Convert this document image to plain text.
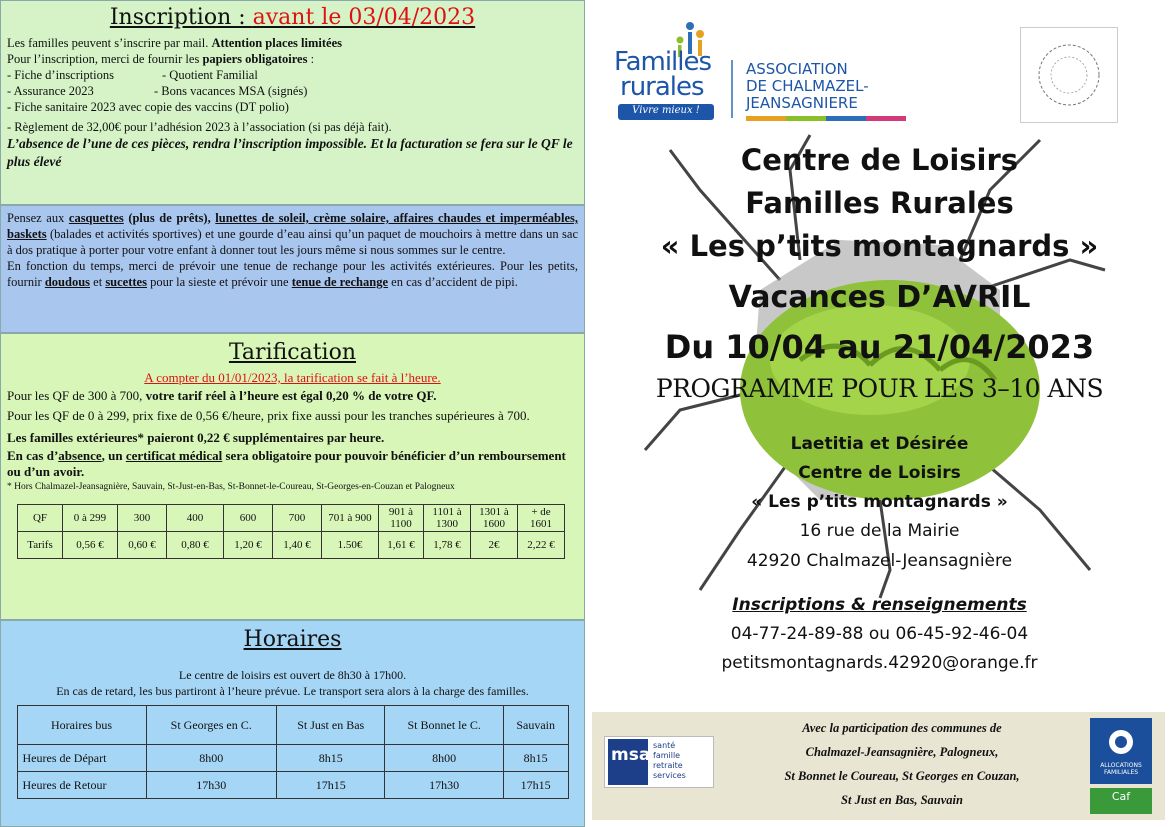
Inscription : avant le 03/04/2023

Les familles peuvent s’inscrire par mail. Attention places limitées

Pour l’inscription, merci de fournir les papiers obligatoires :

- Fiche d’inscriptions	- Quotient Familial

- Assurance 2023	- Bons vacances MSA (signés)

- Fiche sanitaire 2023 avec copie des vaccins (DT polio)

- Règlement de 32,00€ pour l’adhésion 2023 à l’association (si pas déjà fait).

L’absence de l’une de ces pièces, rendra l’inscription impossible. Et la facturation se fera sur le QF le plus élevé

Pensez aux casquettes (plus de prêts), lunettes de soleil, crème solaire, affaires chaudes et imperméables, baskets (balades et activités sportives) et une gourde d’eau ainsi qu’un paquet de mouchoirs à mettre dans un sac à dos pratique à porter pour votre enfant à donner tout les jours même si nous sommes sur le centre.

En fonction du temps, merci de prévoir une tenue de rechange pour les activités extérieures. Pour les petits, fournir doudous et sucettes pour la sieste et prévoir une tenue de rechange en cas d’accident de pipi.

Tarification

A compter du 01/01/2023, la tarification se fait à l’heure.

Pour les QF de 300 à 700, votre tarif réel à l’heure est égal 0,20 % de votre QF.

Pour les QF de 0 à 299, prix fixe de 0,56 €/heure, prix fixe aussi pour les tranches supérieures à 700.

Les familles extérieures* paieront 0,22 € supplémentaires par heure.

En cas d’absence, un certificat médical sera obligatoire pour pouvoir bénéficier d’un remboursement ou d’un avoir.

* Hors Chalmazel-Jeansagnière, Sauvain, St-Just-en-Bas, St-Bonnet-le-Coureau, St-Georges-en-Couzan et Palogneux

QF	0 à 299	300	400	600	700	701 à 900	901 à 1100	1101 à 1300	1301 à 1600	+ de 1601
Tarifs	0,56 €	0,60 €	0,80 €	1,20 €	1,40 €	1.50€	1,61 €	1,78 €	2€	2,22 €

Horaires

Le centre de loisirs est ouvert de 8h30 à 17h00.

En cas de retard, les bus partiront à l’heure prévue. Le transport sera alors à la charge des familles.

Horaires bus	St Georges en C.	St Just en Bas	St Bonnet le C.	Sauvain
Heures de Départ	8h00	8h15	8h00	8h15
Heures de Retour	17h30	17h15	17h30	17h15
Familles
rurales
Vivre mieux !
ASSOCIATION
DE CHALMAZEL-
JEANSAGNIERE

Centre de Loisirs

Familles Rurales

« Les p’tits montagnards »

Vacances D’AVRIL

Du 10/04 au 21/04/2023

PROGRAMME POUR LES 3–10 ANS

Laetitia et Désirée

Centre de Loisirs

« Les p’tits montagnards »

16 rue de la Mairie

42920 Chalmazel-Jeansagnière

Inscriptions & renseignements

04-77-24-89-88 ou 06-45-92-46-04

petitsmontagnards.42920@orange.fr

msa santé
famille
retraite
services
Avec la participation des communes de
Chalmazel-Jeansagnière, Palogneux,
St Bonnet le Coureau, St Georges en Couzan,
St Just en Bas, Sauvain
ALLOCATIONS FAMILIALES
Caf
